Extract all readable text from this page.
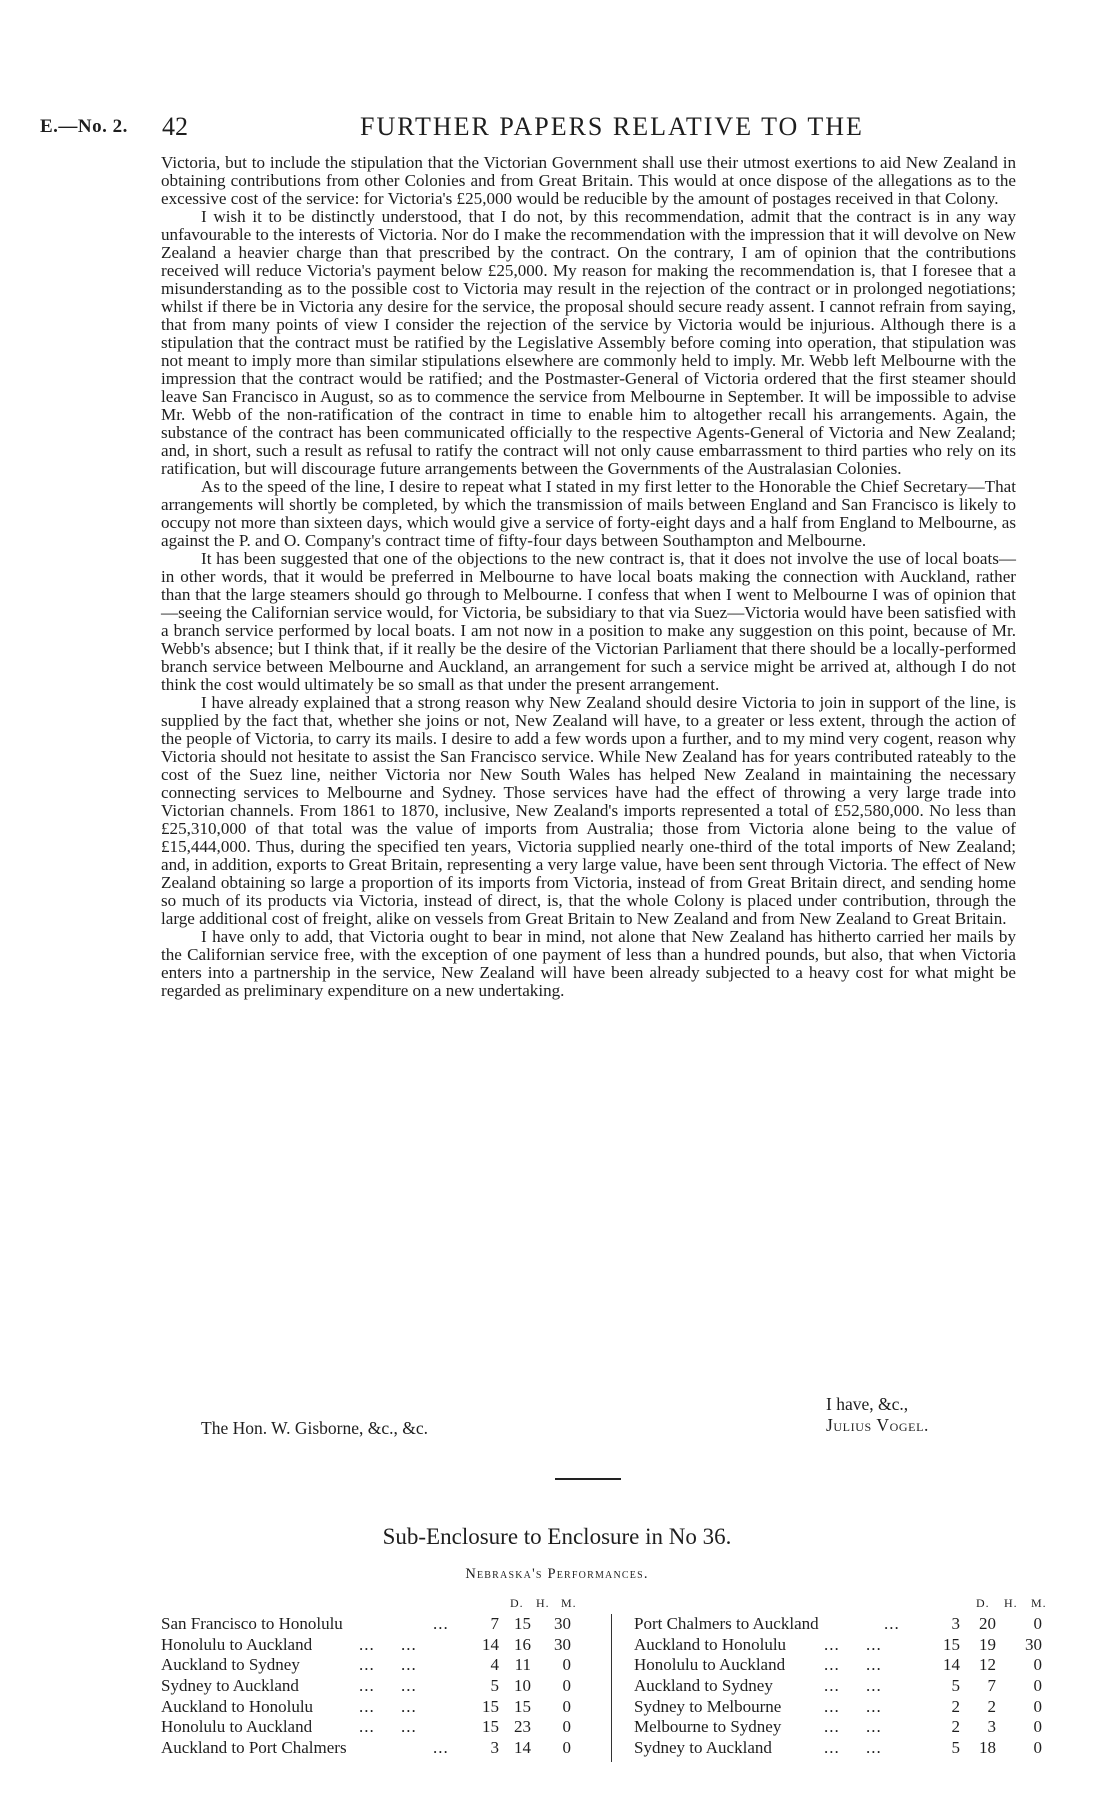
E.—No. 2. 42	FURTHER PAPERS RELATIVE TO THE

Victoria, but to include the stipulation that the Victorian Government shall use their utmost exertions to aid New Zealand in obtaining contributions from other Colonies and from Great Britain. This would at once dispose of the allegations as to the excessive cost of the service: for Victoria's £25,000 would be reducible by the amount of postages received in that Colony.

I wish it to be distinctly understood, that I do not, by this recommendation, admit that the contract is in any way unfavourable to the interests of Victoria. Nor do I make the recommendation with the impression that it will devolve on New Zealand a heavier charge than that prescribed by the contract. On the contrary, I am of opinion that the contributions received will reduce Victoria's payment below £25,000. My reason for making the recommendation is, that I foresee that a misunderstanding as to the possible cost to Victoria may result in the rejection of the contract or in prolonged negotiations; whilst if there be in Victoria any desire for the service, the proposal should secure ready assent. I cannot refrain from saying, that from many points of view I consider the rejection of the service by Victoria would be injurious. Although there is a stipulation that the contract must be ratified by the Legislative Assembly before coming into operation, that stipulation was not meant to imply more than similar stipulations elsewhere are commonly held to imply. Mr. Webb left Melbourne with the impression that the contract would be ratified; and the Postmaster-General of Victoria ordered that the first steamer should leave San Francisco in August, so as to commence the service from Melbourne in September. It will be impossible to advise Mr. Webb of the non-ratification of the contract in time to enable him to altogether recall his arrangements. Again, the substance of the contract has been communicated officially to the respective Agents-General of Victoria and New Zealand; and, in short, such a result as refusal to ratify the contract will not only cause embarrassment to third parties who rely on its ratification, but will discourage future arrangements between the Governments of the Australasian Colonies.

As to the speed of the line, I desire to repeat what I stated in my first letter to the Honorable the Chief Secretary—That arrangements will shortly be completed, by which the transmission of mails between England and San Francisco is likely to occupy not more than sixteen days, which would give a service of forty-eight days and a half from England to Melbourne, as against the P. and O. Company's contract time of fifty-four days between Southampton and Melbourne.

It has been suggested that one of the objections to the new contract is, that it does not involve the use of local boats—in other words, that it would be preferred in Melbourne to have local boats making the connection with Auckland, rather than that the large steamers should go through to Melbourne. I confess that when I went to Melbourne I was of opinion that—seeing the Californian service would, for Victoria, be subsidiary to that via Suez—Victoria would have been satisfied with a branch service performed by local boats. I am not now in a position to make any suggestion on this point, because of Mr. Webb's absence; but I think that, if it really be the desire of the Victorian Parliament that there should be a locally-performed branch service between Melbourne and Auckland, an arrangement for such a service might be arrived at, although I do not think the cost would ultimately be so small as that under the present arrangement.

I have already explained that a strong reason why New Zealand should desire Victoria to join in support of the line, is supplied by the fact that, whether she joins or not, New Zealand will have, to a greater or less extent, through the action of the people of Victoria, to carry its mails. I desire to add a few words upon a further, and to my mind very cogent, reason why Victoria should not hesitate to assist the San Francisco service. While New Zealand has for years contributed rateably to the cost of the Suez line, neither Victoria nor New South Wales has helped New Zealand in maintaining the necessary connecting services to Melbourne and Sydney. Those services have had the effect of throwing a very large trade into Victorian channels. From 1861 to 1870, inclusive, New Zealand's imports represented a total of £52,580,000. No less than £25,310,000 of that total was the value of imports from Australia; those from Victoria alone being to the value of £15,444,000. Thus, during the specified ten years, Victoria supplied nearly one-third of the total imports of New Zealand; and, in addition, exports to Great Britain, representing a very large value, have been sent through Victoria. The effect of New Zealand obtaining so large a proportion of its imports from Victoria, instead of from Great Britain direct, and sending home so much of its products via Victoria, instead of direct, is, that the whole Colony is placed under contribution, through the large additional cost of freight, alike on vessels from Great Britain to New Zealand and from New Zealand to Great Britain.

I have only to add, that Victoria ought to bear in mind, not alone that New Zealand has hitherto carried her mails by the Californian service free, with the exception of one payment of less than a hundred pounds, but also, that when Victoria enters into a partnership in the service, New Zealand will have been already subjected to a heavy cost for what might be regarded as preliminary expenditure on a new undertaking.

I have, &c.,
Julius Vogel.
The Hon. W. Gisborne, &c., &c.
Sub-Enclosure to Enclosure in No 36.
Nebraska's Performances.
D. H. M.
San Francisco to Honolulu	... 7 15 30
Honolulu to Auckland	...     ...	14 16 30
Auckland to Sydney	...     ...	4 11 0
Sydney to Auckland	...     ...	5 10 0
Auckland to Honolulu	...     ...	15 15 0
Honolulu to Auckland	...     ...	15 23 0
Auckland to Port Chalmers	... 3 14 0
D. H. M.
Port Chalmers to Auckland	...	3 20 0
Auckland to Honolulu ...     ...	15 19 30
Honolulu to Auckland ...     ...	14 12 0
Auckland to Sydney	...     ...	5 7 0
Sydney to Melbourne	...     ...	2 2 0
Melbourne to Sydney	...     ...	2 3 0
Sydney to Auckland	...     ...	5 18 0
